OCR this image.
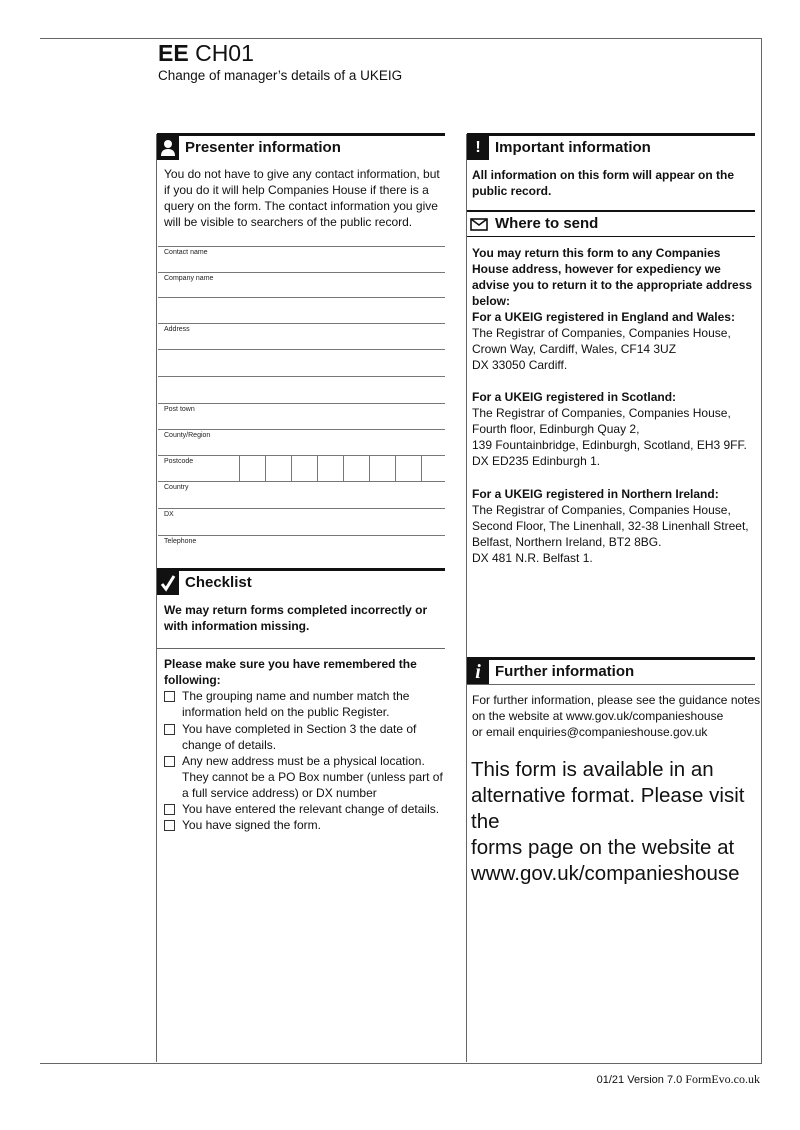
EE CH01
Change of manager’s details of a UKEIG
Presenter information
You do not have to give any contact information, but if you do it will help Companies House if there is a query on the form. The contact information you give will be visible to searchers of the public record.
Contact name
Company name
Address
Post town
County/Region
Postcode
Country
DX
Telephone
Checklist
We may return forms completed incorrectly or with information missing.
Please make sure you have remembered the following:
The grouping name and number match the information held on the public Register.
You have completed in Section 3 the date of change of details.
Any new address must be a physical location. They cannot be a PO Box number (unless part of a full service address) or DX number
You have entered the relevant change of details.
You have signed the form.
! Important information
All information on this form will appear on the public record.
Where to send
You may return this form to any Companies House address, however for expediency we advise you to return it to the appropriate address below:
For a UKEIG registered in England and Wales:
The Registrar of Companies, Companies House,
Crown Way, Cardiff, Wales, CF14 3UZ
DX 33050 Cardiff.
For a UKEIG registered in Scotland:
The Registrar of Companies, Companies House,
Fourth floor, Edinburgh Quay 2,
139 Fountainbridge, Edinburgh, Scotland, EH3 9FF.
DX ED235 Edinburgh 1.
For a UKEIG registered in Northern Ireland:
The Registrar of Companies, Companies House,
Second Floor, The Linenhall, 32-38 Linenhall Street,
Belfast, Northern Ireland, BT2 8BG.
DX 481 N.R. Belfast 1.
i Further information
For further information, please see the guidance notes
on the website at www.gov.uk/companieshouse
or email enquiries@companieshouse.gov.uk
This form is available in an
alternative format. Please visit the
forms page on the website at
www.gov.uk/companieshouse
01/21 Version 7.0 FormEvo.co.uk
